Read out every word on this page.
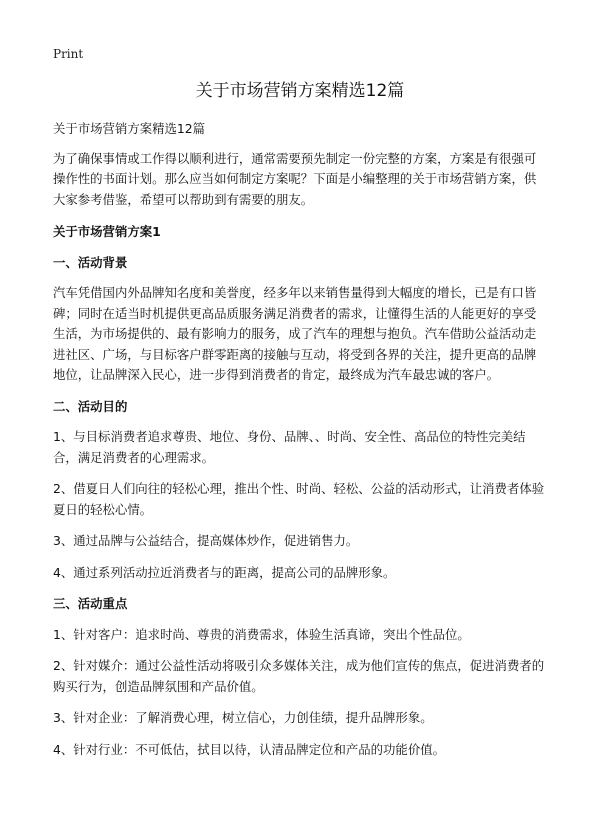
Print
关于市场营销方案精选12篇

关于市场营销方案精选12篇

为了确保事情或工作得以顺利进行，通常需要预先制定一份完整的方案，方案是有很强可操作性的书面计划。那么应当如何制定方案呢？下面是小编整理的关于市场营销方案，供大家参考借鉴，希望可以帮助到有需要的朋友。

关于市场营销方案1

一、活动背景

汽车凭借国内外品牌知名度和美誉度，经多年以来销售量得到大幅度的增长，已是有口皆碑；同时在适当时机提供更高品质服务满足消费者的需求，让懂得生活的人能更好的享受生活，为市场提供的、最有影响力的服务，成了汽车的理想与抱负。汽车借助公益活动走进社区、广场，与目标客户群零距离的接触与互动，将受到各界的关注，提升更高的品牌地位，让品牌深入民心，进一步得到消费者的肯定，最终成为汽车最忠诚的客户。

二、活动目的

1、与目标消费者追求尊贵、地位、身份、品牌、、时尚、安全性、高品位的特性完美结合，满足消费者的心理需求。

2、借夏日人们向往的轻松心理，推出个性、时尚、轻松、公益的活动形式，让消费者体验夏日的轻松心情。

3、通过品牌与公益结合，提高媒体炒作，促进销售力。

4、通过系列活动拉近消费者与的距离，提高公司的品牌形象。

三、活动重点

1、针对客户：追求时尚、尊贵的消费需求，体验生活真谛，突出个性品位。

2、针对媒介：通过公益性活动将吸引众多媒体关注，成为他们宣传的焦点，促进消费者的购买行为，创造品牌氛围和产品价值。

3、针对企业：了解消费心理，树立信心，力创佳绩，提升品牌形象。

4、针对行业：不可低估，拭目以待，认清品牌定位和产品的功能价值。
